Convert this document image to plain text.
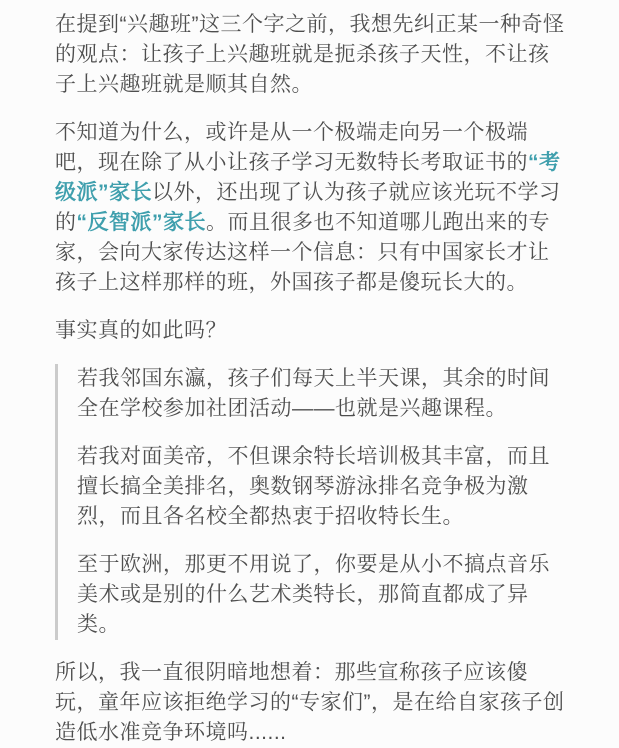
在提到“兴趣班”这三个字之前，我想先纠正某一种奇怪的观点：让孩子上兴趣班就是扼杀孩子天性，不让孩子上兴趣班就是顺其自然。

不知道为什么，或许是从一个极端走向另一个极端吧，现在除了从小让孩子学习无数特长考取证书的“考级派”家长以外，还出现了认为孩子就应该光玩不学习的“反智派”家长。而且很多也不知道哪儿跑出来的专家，会向大家传达这样一个信息：只有中国家长才让孩子上这样那样的班，外国孩子都是傻玩长大的。

事实真的如此吗？

若我邻国东瀛，孩子们每天上半天课，其余的时间全在学校参加社团活动——也就是兴趣课程。

若我对面美帝，不但课余特长培训极其丰富，而且擅长搞全美排名，奥数钢琴游泳排名竞争极为激烈，而且各名校全都热衷于招收特长生。

至于欧洲，那更不用说了，你要是从小不搞点音乐美术或是别的什么艺术类特长，那简直都成了异类。

所以，我一直很阴暗地想着：那些宣称孩子应该傻玩，童年应该拒绝学习的“专家们”，是在给自家孩子创造低水准竞争环境吗......
